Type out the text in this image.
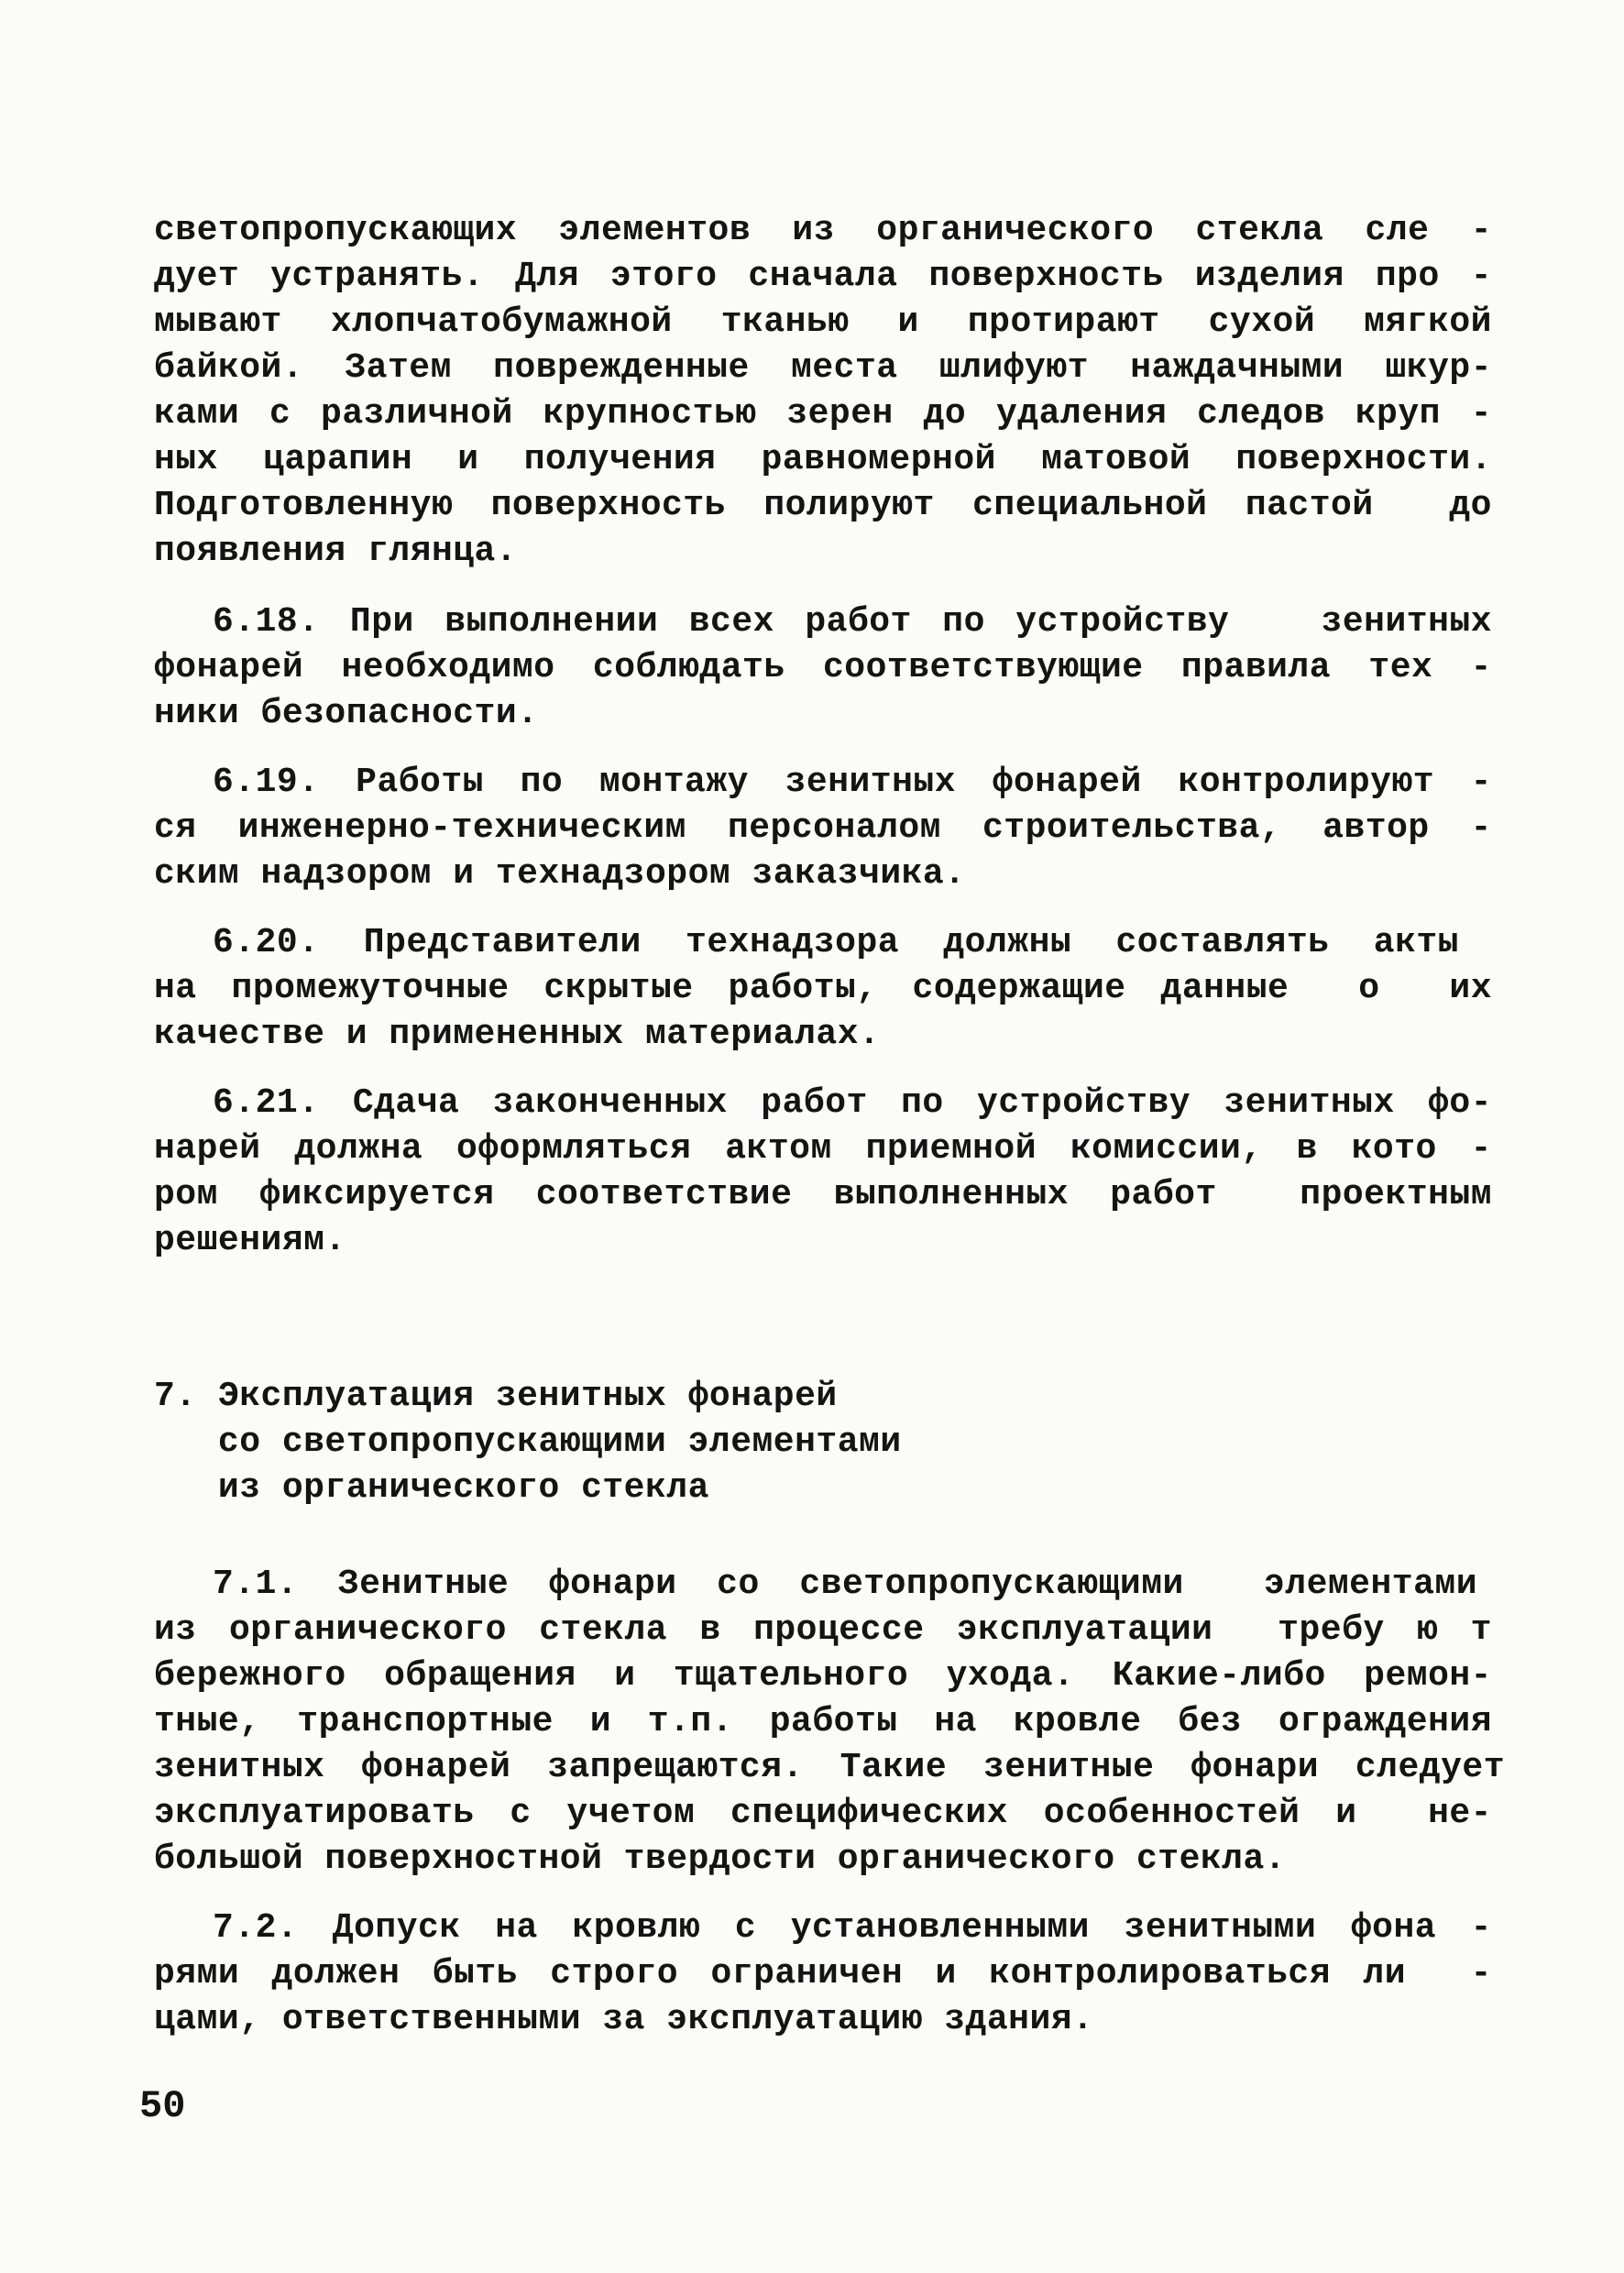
светопропускающих элементов из органического стекла сле -
дует устранять. Для этого сначала поверхность изделия про -
мывают хлопчатобумажной тканью и протирают сухой мягкой
байкой. Затем поврежденные места шлифуют наждачными шкур-
ками с различной крупностью зерен до удаления следов круп -
ных царапин и получения равномерной матовой поверхности.
Подготовленную поверхность полируют специальной пастой  до
появления глянца.
6.18. При выполнении всех работ по устройству   зенитных
фонарей необходимо соблюдать соответствующие правила тех -
ники безопасности.
6.19. Работы по монтажу зенитных фонарей контролируют -
ся инженерно-техническим персоналом строительства, автор -
ским надзором и технадзором заказчика.
6.20. Представители технадзора должны составлять акты
на промежуточные скрытые работы, содержащие данные  о  их
качестве и примененных материалах.
6.21. Сдача законченных работ по устройству зенитных фо-
нарей должна оформляться актом приемной комиссии, в кото -
ром фиксируется соответствие выполненных работ  проектным
решениям.
7. Эксплуатация зенитных фонарей
со светопропускающими элементами
из органического стекла
7.1. Зенитные фонари со светопропускающими  элементами
из органического стекла в процессе эксплуатации  требу ю т
бережного обращения и тщательного ухода. Какие-либо ремон-
тные, транспортные и т.п. работы на кровле без ограждения
зенитных фонарей запрещаются. Такие зенитные фонари следует
эксплуатировать с учетом специфических особенностей и  не-
большой поверхностной твердости органического стекла.
7.2. Допуск на кровлю с установленными зенитными фона -
рями должен быть строго ограничен и контролироваться ли  -
цами, ответственными за эксплуатацию здания.
50
